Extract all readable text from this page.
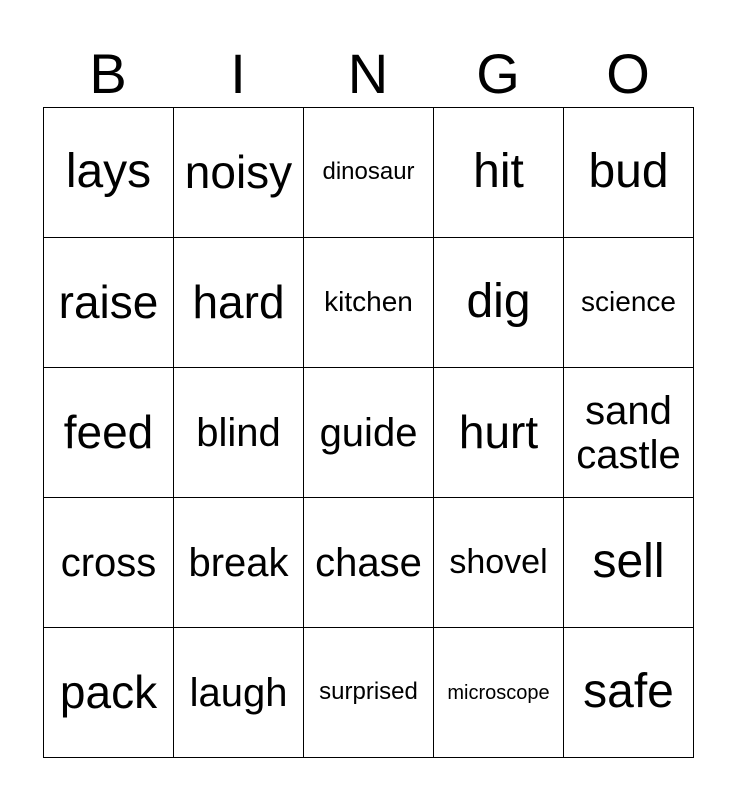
B	I	N	G	O
lays	noisy	dinosaur	hit	bud
raise	hard	kitchen	dig	science
feed	blind	guide	hurt	sand castle
cross	break	chase	shovel	sell
pack	laugh	surprised	microscope	safe
